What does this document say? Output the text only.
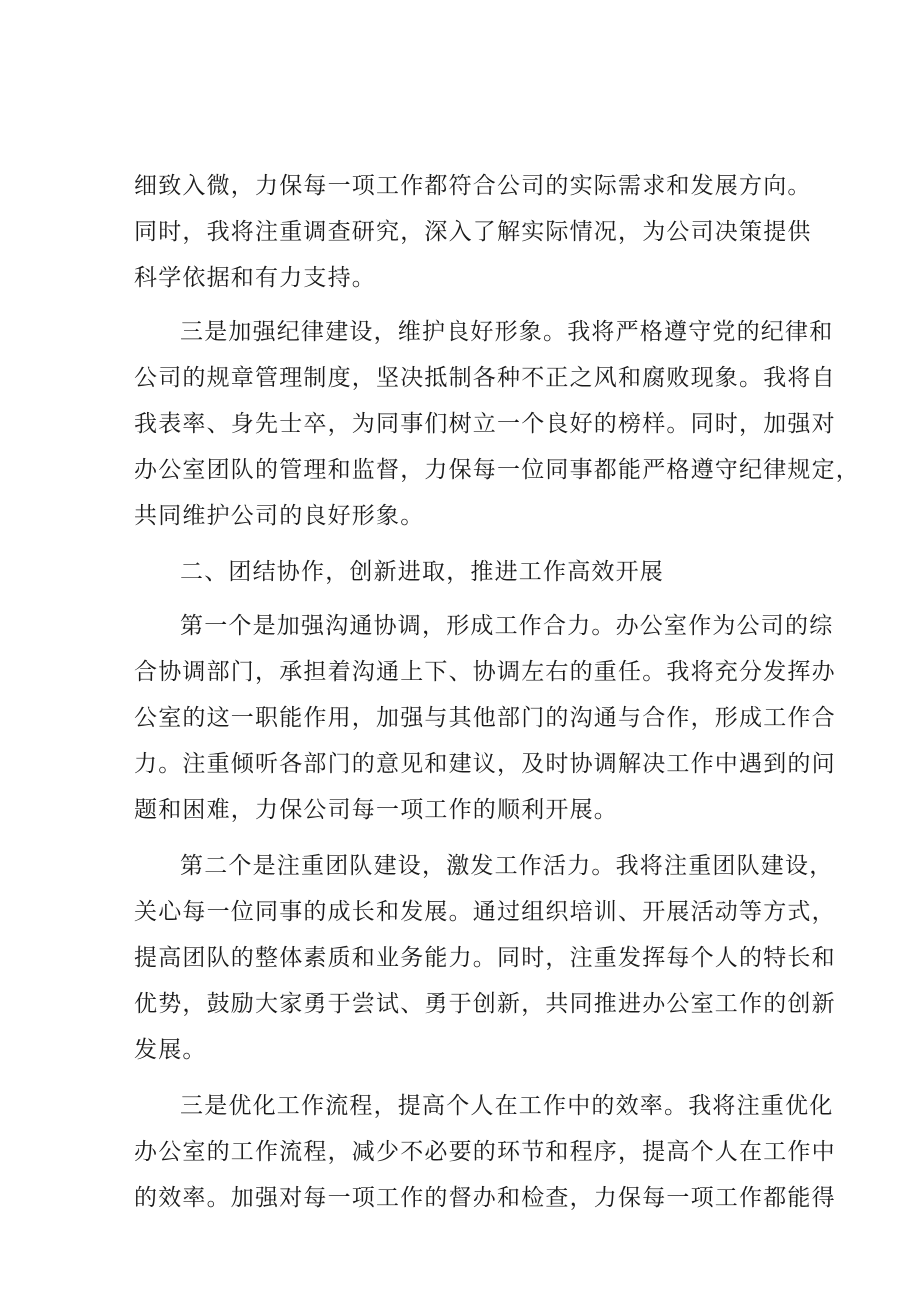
细致入微，力保每一项工作都符合公司的实际需求和发展方向。
同时，我将注重调查研究，深入了解实际情况，为公司决策提供
科学依据和有力支持。
三是加强纪律建设，维护良好形象。我将严格遵守党的纪律和
公司的规章管理制度，坚决抵制各种不正之风和腐败现象。我将自
我表率、身先士卒，为同事们树立一个良好的榜样。同时，加强对
办公室团队的管理和监督，力保每一位同事都能严格遵守纪律规定，
共同维护公司的良好形象。
二、团结协作，创新进取，推进工作高效开展
第一个是加强沟通协调，形成工作合力。办公室作为公司的综
合协调部门，承担着沟通上下、协调左右的重任。我将充分发挥办
公室的这一职能作用，加强与其他部门的沟通与合作，形成工作合
力。注重倾听各部门的意见和建议，及时协调解决工作中遇到的问
题和困难，力保公司每一项工作的顺利开展。
第二个是注重团队建设，激发工作活力。我将注重团队建设，
关心每一位同事的成长和发展。通过组织培训、开展活动等方式，
提高团队的整体素质和业务能力。同时，注重发挥每个人的特长和
优势，鼓励大家勇于尝试、勇于创新，共同推进办公室工作的创新
发展。
三是优化工作流程，提高个人在工作中的效率。我将注重优化
办公室的工作流程，减少不必要的环节和程序，提高个人在工作中
的效率。加强对每一项工作的督办和检查，力保每一项工作都能得
